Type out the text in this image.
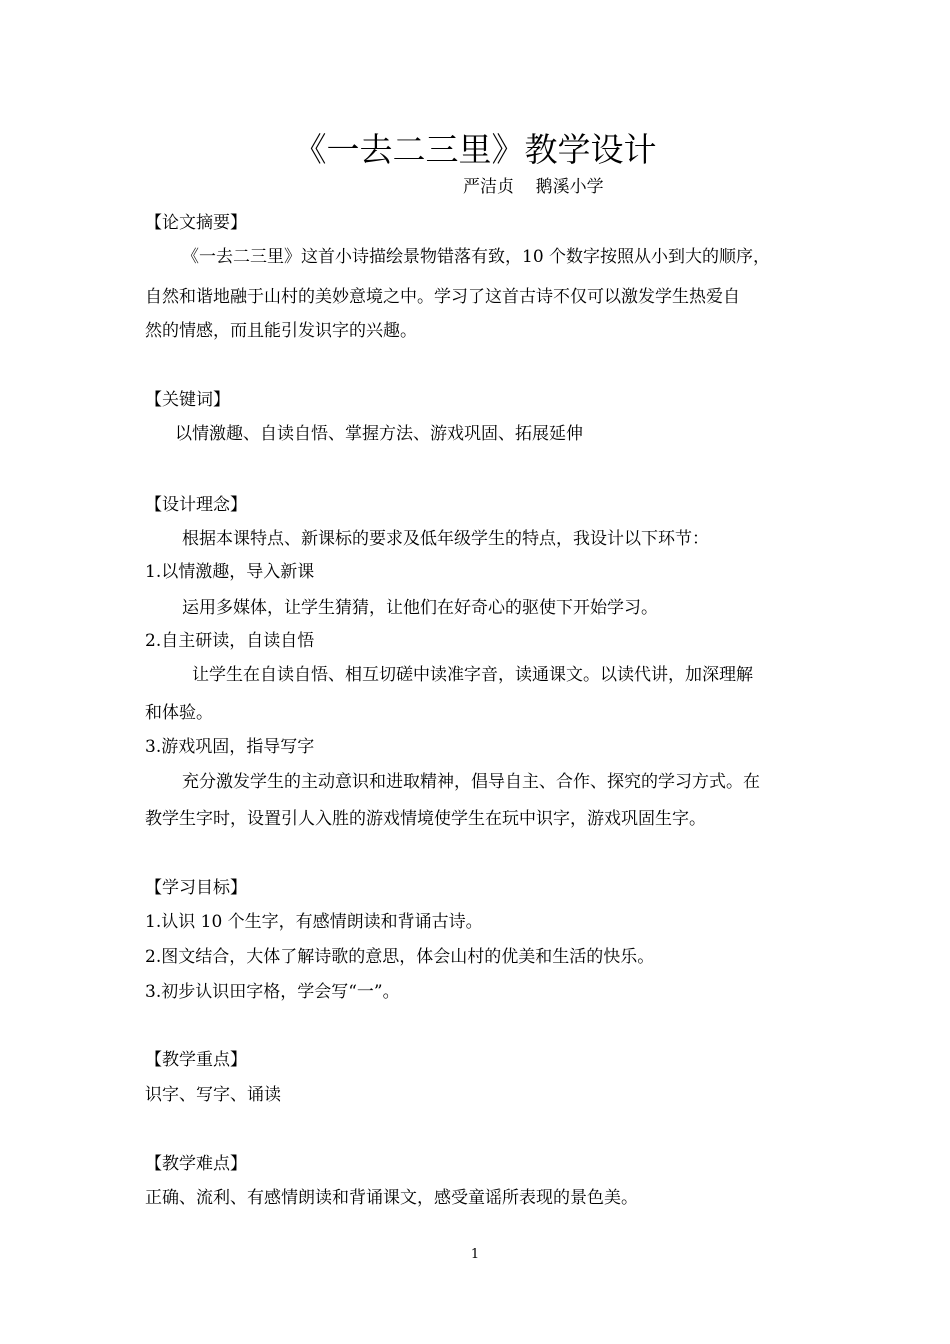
《一去二三里》教学设计
严洁贞    鹅溪小学
【论文摘要】
《一去二三里》这首小诗描绘景物错落有致，10 个数字按照从小到大的顺序，
自然和谐地融于山村的美妙意境之中。学习了这首古诗不仅可以激发学生热爱自
然的情感，而且能引发识字的兴趣。
【关键词】
以情激趣、自读自悟、掌握方法、游戏巩固、拓展延伸
【设计理念】
根据本课特点、新课标的要求及低年级学生的特点，我设计以下环节：
1.以情激趣，导入新课
运用多媒体，让学生猜猜，让他们在好奇心的驱使下开始学习。
2.自主研读，自读自悟
让学生在自读自悟、相互切磋中读准字音，读通课文。以读代讲，加深理解
和体验。
3.游戏巩固，指导写字
充分激发学生的主动意识和进取精神，倡导自主、合作、探究的学习方式。在
教学生字时，设置引人入胜的游戏情境使学生在玩中识字，游戏巩固生字。
【学习目标】
1.认识 10 个生字，有感情朗读和背诵古诗。
2.图文结合，大体了解诗歌的意思，体会山村的优美和生活的快乐。
3.初步认识田字格，学会写“一”。
【教学重点】
识字、写字、诵读
【教学难点】
正确、流利、有感情朗读和背诵课文，感受童谣所表现的景色美。
1
